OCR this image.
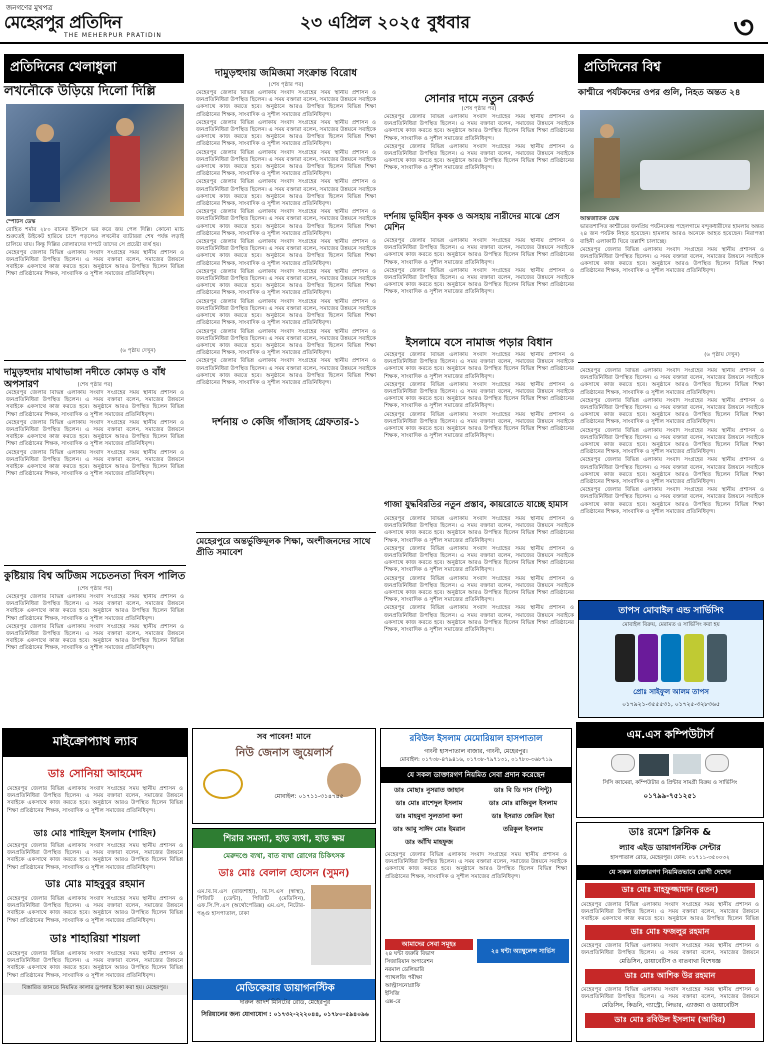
জনগণের মুখপত্র
মেহেরপুর প্রতিদিন
THE MEHERPUR PRATIDIN
২৩ এপ্রিল ২০২৫ বুধবার	৩
প্রতিদিনের খেলাধুলা
লখনৌকে উড়িয়ে দিলো দিল্লি

স্পোর্টস ডেস্ক

রোহিত শর্মার ২৮০ রানের ইনিংসে ভর করে জয় পেল দিল্লি। কোনো ম্যাচ শুরুতেই উইকেট হারিয়ে চাপে পড়লেও লখনৌর ব্যাটাররা শেষ পর্যন্ত লড়াই চালিয়ে যায়। কিন্তু দিল্লির বোলারদের দাপটে তাদের সে প্রচেষ্টা ব্যর্থ হয়।

মেহেরপুর জেলার বিভিন্ন এলাকায় সংবাদ সংগ্রহের সময় স্থানীয় প্রশাসন ও জনপ্রতিনিধিরা উপস্থিত ছিলেন। এ সময় বক্তারা বলেন, সমাজের উন্নয়নে সবাইকে একসাথে কাজ করতে হবে। অনুষ্ঠানে আরও উপস্থিত ছিলেন বিভিন্ন শিক্ষা প্রতিষ্ঠানের শিক্ষক, সাংবাদিক ও সুশীল সমাজের প্রতিনিধিবৃন্দ।

(৬ পৃষ্ঠায় দেখুন)
দামুড়হুদায় মাথাভাঙ্গা নদীতে কোমড় ও বাঁধ অপসারণ	(শেষ পৃষ্ঠার পর)

মেহেরপুর জেলার বিভিন্ন এলাকায় সংবাদ সংগ্রহের সময় স্থানীয় প্রশাসন ও জনপ্রতিনিধিরা উপস্থিত ছিলেন। এ সময় বক্তারা বলেন, সমাজের উন্নয়নে সবাইকে একসাথে কাজ করতে হবে। অনুষ্ঠানে আরও উপস্থিত ছিলেন বিভিন্ন শিক্ষা প্রতিষ্ঠানের শিক্ষক, সাংবাদিক ও সুশীল সমাজের প্রতিনিধিবৃন্দ।

মেহেরপুর জেলার বিভিন্ন এলাকায় সংবাদ সংগ্রহের সময় স্থানীয় প্রশাসন ও জনপ্রতিনিধিরা উপস্থিত ছিলেন। এ সময় বক্তারা বলেন, সমাজের উন্নয়নে সবাইকে একসাথে কাজ করতে হবে। অনুষ্ঠানে আরও উপস্থিত ছিলেন বিভিন্ন শিক্ষা প্রতিষ্ঠানের শিক্ষক, সাংবাদিক ও সুশীল সমাজের প্রতিনিধিবৃন্দ।

মেহেরপুর জেলার বিভিন্ন এলাকায় সংবাদ সংগ্রহের সময় স্থানীয় প্রশাসন ও জনপ্রতিনিধিরা উপস্থিত ছিলেন। এ সময় বক্তারা বলেন, সমাজের উন্নয়নে সবাইকে একসাথে কাজ করতে হবে। অনুষ্ঠানে আরও উপস্থিত ছিলেন বিভিন্ন শিক্ষা প্রতিষ্ঠানের শিক্ষক, সাংবাদিক ও সুশীল সমাজের প্রতিনিধিবৃন্দ।

কুষ্টিয়ায় বিশ্ব অটিজম সচেতনতা দিবস পালিত
(শেষ পৃষ্ঠার পর)

মেহেরপুর জেলার বিভিন্ন এলাকায় সংবাদ সংগ্রহের সময় স্থানীয় প্রশাসন ও জনপ্রতিনিধিরা উপস্থিত ছিলেন। এ সময় বক্তারা বলেন, সমাজের উন্নয়নে সবাইকে একসাথে কাজ করতে হবে। অনুষ্ঠানে আরও উপস্থিত ছিলেন বিভিন্ন শিক্ষা প্রতিষ্ঠানের শিক্ষক, সাংবাদিক ও সুশীল সমাজের প্রতিনিধিবৃন্দ।

মেহেরপুর জেলার বিভিন্ন এলাকায় সংবাদ সংগ্রহের সময় স্থানীয় প্রশাসন ও জনপ্রতিনিধিরা উপস্থিত ছিলেন। এ সময় বক্তারা বলেন, সমাজের উন্নয়নে সবাইকে একসাথে কাজ করতে হবে। অনুষ্ঠানে আরও উপস্থিত ছিলেন বিভিন্ন শিক্ষা প্রতিষ্ঠানের শিক্ষক, সাংবাদিক ও সুশীল সমাজের প্রতিনিধিবৃন্দ।

দামুড়হুদায় জমিজমা সংক্রান্ত বিরোধ
(শেষ পৃষ্ঠার পর)

মেহেরপুর জেলার বিভিন্ন এলাকায় সংবাদ সংগ্রহের সময় স্থানীয় প্রশাসন ও জনপ্রতিনিধিরা উপস্থিত ছিলেন। এ সময় বক্তারা বলেন, সমাজের উন্নয়নে সবাইকে একসাথে কাজ করতে হবে। অনুষ্ঠানে আরও উপস্থিত ছিলেন বিভিন্ন শিক্ষা প্রতিষ্ঠানের শিক্ষক, সাংবাদিক ও সুশীল সমাজের প্রতিনিধিবৃন্দ।

মেহেরপুর জেলার বিভিন্ন এলাকায় সংবাদ সংগ্রহের সময় স্থানীয় প্রশাসন ও জনপ্রতিনিধিরা উপস্থিত ছিলেন। এ সময় বক্তারা বলেন, সমাজের উন্নয়নে সবাইকে একসাথে কাজ করতে হবে। অনুষ্ঠানে আরও উপস্থিত ছিলেন বিভিন্ন শিক্ষা প্রতিষ্ঠানের শিক্ষক, সাংবাদিক ও সুশীল সমাজের প্রতিনিধিবৃন্দ।

মেহেরপুর জেলার বিভিন্ন এলাকায় সংবাদ সংগ্রহের সময় স্থানীয় প্রশাসন ও জনপ্রতিনিধিরা উপস্থিত ছিলেন। এ সময় বক্তারা বলেন, সমাজের উন্নয়নে সবাইকে একসাথে কাজ করতে হবে। অনুষ্ঠানে আরও উপস্থিত ছিলেন বিভিন্ন শিক্ষা প্রতিষ্ঠানের শিক্ষক, সাংবাদিক ও সুশীল সমাজের প্রতিনিধিবৃন্দ।

মেহেরপুর জেলার বিভিন্ন এলাকায় সংবাদ সংগ্রহের সময় স্থানীয় প্রশাসন ও জনপ্রতিনিধিরা উপস্থিত ছিলেন। এ সময় বক্তারা বলেন, সমাজের উন্নয়নে সবাইকে একসাথে কাজ করতে হবে। অনুষ্ঠানে আরও উপস্থিত ছিলেন বিভিন্ন শিক্ষা প্রতিষ্ঠানের শিক্ষক, সাংবাদিক ও সুশীল সমাজের প্রতিনিধিবৃন্দ।

মেহেরপুর জেলার বিভিন্ন এলাকায় সংবাদ সংগ্রহের সময় স্থানীয় প্রশাসন ও জনপ্রতিনিধিরা উপস্থিত ছিলেন। এ সময় বক্তারা বলেন, সমাজের উন্নয়নে সবাইকে একসাথে কাজ করতে হবে। অনুষ্ঠানে আরও উপস্থিত ছিলেন বিভিন্ন শিক্ষা প্রতিষ্ঠানের শিক্ষক, সাংবাদিক ও সুশীল সমাজের প্রতিনিধিবৃন্দ।

মেহেরপুর জেলার বিভিন্ন এলাকায় সংবাদ সংগ্রহের সময় স্থানীয় প্রশাসন ও জনপ্রতিনিধিরা উপস্থিত ছিলেন। এ সময় বক্তারা বলেন, সমাজের উন্নয়নে সবাইকে একসাথে কাজ করতে হবে। অনুষ্ঠানে আরও উপস্থিত ছিলেন বিভিন্ন শিক্ষা প্রতিষ্ঠানের শিক্ষক, সাংবাদিক ও সুশীল সমাজের প্রতিনিধিবৃন্দ।

মেহেরপুর জেলার বিভিন্ন এলাকায় সংবাদ সংগ্রহের সময় স্থানীয় প্রশাসন ও জনপ্রতিনিধিরা উপস্থিত ছিলেন। এ সময় বক্তারা বলেন, সমাজের উন্নয়নে সবাইকে একসাথে কাজ করতে হবে। অনুষ্ঠানে আরও উপস্থিত ছিলেন বিভিন্ন শিক্ষা প্রতিষ্ঠানের শিক্ষক, সাংবাদিক ও সুশীল সমাজের প্রতিনিধিবৃন্দ।

মেহেরপুর জেলার বিভিন্ন এলাকায় সংবাদ সংগ্রহের সময় স্থানীয় প্রশাসন ও জনপ্রতিনিধিরা উপস্থিত ছিলেন। এ সময় বক্তারা বলেন, সমাজের উন্নয়নে সবাইকে একসাথে কাজ করতে হবে। অনুষ্ঠানে আরও উপস্থিত ছিলেন বিভিন্ন শিক্ষা প্রতিষ্ঠানের শিক্ষক, সাংবাদিক ও সুশীল সমাজের প্রতিনিধিবৃন্দ।

মেহেরপুর জেলার বিভিন্ন এলাকায় সংবাদ সংগ্রহের সময় স্থানীয় প্রশাসন ও জনপ্রতিনিধিরা উপস্থিত ছিলেন। এ সময় বক্তারা বলেন, সমাজের উন্নয়নে সবাইকে একসাথে কাজ করতে হবে। অনুষ্ঠানে আরও উপস্থিত ছিলেন বিভিন্ন শিক্ষা প্রতিষ্ঠানের শিক্ষক, সাংবাদিক ও সুশীল সমাজের প্রতিনিধিবৃন্দ।

মেহেরপুর জেলার বিভিন্ন এলাকায় সংবাদ সংগ্রহের সময় স্থানীয় প্রশাসন ও জনপ্রতিনিধিরা উপস্থিত ছিলেন। এ সময় বক্তারা বলেন, সমাজের উন্নয়নে সবাইকে একসাথে কাজ করতে হবে। অনুষ্ঠানে আরও উপস্থিত ছিলেন বিভিন্ন শিক্ষা প্রতিষ্ঠানের শিক্ষক, সাংবাদিক ও সুশীল সমাজের প্রতিনিধিবৃন্দ।

দর্শনায় ৩ কেজি গাঁজাসহ গ্রেফতার-১
মেহেরপুরে অন্তর্ভুক্তিমূলক শিক্ষা, অংশীজনদের সাথে প্রীতি সমাবেশ
সোনার দামে নতুন রেকর্ড
(শেষ পৃষ্ঠার পর)

মেহেরপুর জেলার বিভিন্ন এলাকায় সংবাদ সংগ্রহের সময় স্থানীয় প্রশাসন ও জনপ্রতিনিধিরা উপস্থিত ছিলেন। এ সময় বক্তারা বলেন, সমাজের উন্নয়নে সবাইকে একসাথে কাজ করতে হবে। অনুষ্ঠানে আরও উপস্থিত ছিলেন বিভিন্ন শিক্ষা প্রতিষ্ঠানের শিক্ষক, সাংবাদিক ও সুশীল সমাজের প্রতিনিধিবৃন্দ।

মেহেরপুর জেলার বিভিন্ন এলাকায় সংবাদ সংগ্রহের সময় স্থানীয় প্রশাসন ও জনপ্রতিনিধিরা উপস্থিত ছিলেন। এ সময় বক্তারা বলেন, সমাজের উন্নয়নে সবাইকে একসাথে কাজ করতে হবে। অনুষ্ঠানে আরও উপস্থিত ছিলেন বিভিন্ন শিক্ষা প্রতিষ্ঠানের শিক্ষক, সাংবাদিক ও সুশীল সমাজের প্রতিনিধিবৃন্দ।

দর্শনায় ভূমিহীন কৃষক ও অসহায় নারীদের মাঝে প্রেস মেশিন

মেহেরপুর জেলার বিভিন্ন এলাকায় সংবাদ সংগ্রহের সময় স্থানীয় প্রশাসন ও জনপ্রতিনিধিরা উপস্থিত ছিলেন। এ সময় বক্তারা বলেন, সমাজের উন্নয়নে সবাইকে একসাথে কাজ করতে হবে। অনুষ্ঠানে আরও উপস্থিত ছিলেন বিভিন্ন শিক্ষা প্রতিষ্ঠানের শিক্ষক, সাংবাদিক ও সুশীল সমাজের প্রতিনিধিবৃন্দ।

মেহেরপুর জেলার বিভিন্ন এলাকায় সংবাদ সংগ্রহের সময় স্থানীয় প্রশাসন ও জনপ্রতিনিধিরা উপস্থিত ছিলেন। এ সময় বক্তারা বলেন, সমাজের উন্নয়নে সবাইকে একসাথে কাজ করতে হবে। অনুষ্ঠানে আরও উপস্থিত ছিলেন বিভিন্ন শিক্ষা প্রতিষ্ঠানের শিক্ষক, সাংবাদিক ও সুশীল সমাজের প্রতিনিধিবৃন্দ।

ইসলামে বসে নামাজ পড়ার বিধান

মেহেরপুর জেলার বিভিন্ন এলাকায় সংবাদ সংগ্রহের সময় স্থানীয় প্রশাসন ও জনপ্রতিনিধিরা উপস্থিত ছিলেন। এ সময় বক্তারা বলেন, সমাজের উন্নয়নে সবাইকে একসাথে কাজ করতে হবে। অনুষ্ঠানে আরও উপস্থিত ছিলেন বিভিন্ন শিক্ষা প্রতিষ্ঠানের শিক্ষক, সাংবাদিক ও সুশীল সমাজের প্রতিনিধিবৃন্দ।

মেহেরপুর জেলার বিভিন্ন এলাকায় সংবাদ সংগ্রহের সময় স্থানীয় প্রশাসন ও জনপ্রতিনিধিরা উপস্থিত ছিলেন। এ সময় বক্তারা বলেন, সমাজের উন্নয়নে সবাইকে একসাথে কাজ করতে হবে। অনুষ্ঠানে আরও উপস্থিত ছিলেন বিভিন্ন শিক্ষা প্রতিষ্ঠানের শিক্ষক, সাংবাদিক ও সুশীল সমাজের প্রতিনিধিবৃন্দ।

মেহেরপুর জেলার বিভিন্ন এলাকায় সংবাদ সংগ্রহের সময় স্থানীয় প্রশাসন ও জনপ্রতিনিধিরা উপস্থিত ছিলেন। এ সময় বক্তারা বলেন, সমাজের উন্নয়নে সবাইকে একসাথে কাজ করতে হবে। অনুষ্ঠানে আরও উপস্থিত ছিলেন বিভিন্ন শিক্ষা প্রতিষ্ঠানের শিক্ষক, সাংবাদিক ও সুশীল সমাজের প্রতিনিধিবৃন্দ।

গাজা যুদ্ধবিরতির নতুন প্রস্তাব, কায়রোতে যাচ্ছে হামাস

মেহেরপুর জেলার বিভিন্ন এলাকায় সংবাদ সংগ্রহের সময় স্থানীয় প্রশাসন ও জনপ্রতিনিধিরা উপস্থিত ছিলেন। এ সময় বক্তারা বলেন, সমাজের উন্নয়নে সবাইকে একসাথে কাজ করতে হবে। অনুষ্ঠানে আরও উপস্থিত ছিলেন বিভিন্ন শিক্ষা প্রতিষ্ঠানের শিক্ষক, সাংবাদিক ও সুশীল সমাজের প্রতিনিধিবৃন্দ।

মেহেরপুর জেলার বিভিন্ন এলাকায় সংবাদ সংগ্রহের সময় স্থানীয় প্রশাসন ও জনপ্রতিনিধিরা উপস্থিত ছিলেন। এ সময় বক্তারা বলেন, সমাজের উন্নয়নে সবাইকে একসাথে কাজ করতে হবে। অনুষ্ঠানে আরও উপস্থিত ছিলেন বিভিন্ন শিক্ষা প্রতিষ্ঠানের শিক্ষক, সাংবাদিক ও সুশীল সমাজের প্রতিনিধিবৃন্দ।

মেহেরপুর জেলার বিভিন্ন এলাকায় সংবাদ সংগ্রহের সময় স্থানীয় প্রশাসন ও জনপ্রতিনিধিরা উপস্থিত ছিলেন। এ সময় বক্তারা বলেন, সমাজের উন্নয়নে সবাইকে একসাথে কাজ করতে হবে। অনুষ্ঠানে আরও উপস্থিত ছিলেন বিভিন্ন শিক্ষা প্রতিষ্ঠানের শিক্ষক, সাংবাদিক ও সুশীল সমাজের প্রতিনিধিবৃন্দ।

মেহেরপুর জেলার বিভিন্ন এলাকায় সংবাদ সংগ্রহের সময় স্থানীয় প্রশাসন ও জনপ্রতিনিধিরা উপস্থিত ছিলেন। এ সময় বক্তারা বলেন, সমাজের উন্নয়নে সবাইকে একসাথে কাজ করতে হবে। অনুষ্ঠানে আরও উপস্থিত ছিলেন বিভিন্ন শিক্ষা প্রতিষ্ঠানের শিক্ষক, সাংবাদিক ও সুশীল সমাজের প্রতিনিধিবৃন্দ।

প্রতিদিনের বিশ্ব
কাশ্মীরে পর্যটকদের ওপর গুলি, নিহত অন্তত ২৪

আন্তর্জাতিক ডেস্ক

ভারতশাসিত কাশ্মীরের জনপ্রিয় পর্যটনকেন্দ্র পহেলগামে বন্দুকধারীদের হামলায় অন্তত ২৪ জন পর্যটক নিহত হয়েছেন। হামলায় আরও অনেকে আহত হয়েছেন। নিরাপত্তা বাহিনী এলাকাটি ঘিরে তল্লাশি চালাচ্ছে।

মেহেরপুর জেলার বিভিন্ন এলাকায় সংবাদ সংগ্রহের সময় স্থানীয় প্রশাসন ও জনপ্রতিনিধিরা উপস্থিত ছিলেন। এ সময় বক্তারা বলেন, সমাজের উন্নয়নে সবাইকে একসাথে কাজ করতে হবে। অনুষ্ঠানে আরও উপস্থিত ছিলেন বিভিন্ন শিক্ষা প্রতিষ্ঠানের শিক্ষক, সাংবাদিক ও সুশীল সমাজের প্রতিনিধিবৃন্দ।

(৬ পৃষ্ঠায় দেখুন)

মেহেরপুর জেলার বিভিন্ন এলাকায় সংবাদ সংগ্রহের সময় স্থানীয় প্রশাসন ও জনপ্রতিনিধিরা উপস্থিত ছিলেন। এ সময় বক্তারা বলেন, সমাজের উন্নয়নে সবাইকে একসাথে কাজ করতে হবে। অনুষ্ঠানে আরও উপস্থিত ছিলেন বিভিন্ন শিক্ষা প্রতিষ্ঠানের শিক্ষক, সাংবাদিক ও সুশীল সমাজের প্রতিনিধিবৃন্দ।

মেহেরপুর জেলার বিভিন্ন এলাকায় সংবাদ সংগ্রহের সময় স্থানীয় প্রশাসন ও জনপ্রতিনিধিরা উপস্থিত ছিলেন। এ সময় বক্তারা বলেন, সমাজের উন্নয়নে সবাইকে একসাথে কাজ করতে হবে। অনুষ্ঠানে আরও উপস্থিত ছিলেন বিভিন্ন শিক্ষা প্রতিষ্ঠানের শিক্ষক, সাংবাদিক ও সুশীল সমাজের প্রতিনিধিবৃন্দ।

মেহেরপুর জেলার বিভিন্ন এলাকায় সংবাদ সংগ্রহের সময় স্থানীয় প্রশাসন ও জনপ্রতিনিধিরা উপস্থিত ছিলেন। এ সময় বক্তারা বলেন, সমাজের উন্নয়নে সবাইকে একসাথে কাজ করতে হবে। অনুষ্ঠানে আরও উপস্থিত ছিলেন বিভিন্ন শিক্ষা প্রতিষ্ঠানের শিক্ষক, সাংবাদিক ও সুশীল সমাজের প্রতিনিধিবৃন্দ।

মেহেরপুর জেলার বিভিন্ন এলাকায় সংবাদ সংগ্রহের সময় স্থানীয় প্রশাসন ও জনপ্রতিনিধিরা উপস্থিত ছিলেন। এ সময় বক্তারা বলেন, সমাজের উন্নয়নে সবাইকে একসাথে কাজ করতে হবে। অনুষ্ঠানে আরও উপস্থিত ছিলেন বিভিন্ন শিক্ষা প্রতিষ্ঠানের শিক্ষক, সাংবাদিক ও সুশীল সমাজের প্রতিনিধিবৃন্দ।

মেহেরপুর জেলার বিভিন্ন এলাকায় সংবাদ সংগ্রহের সময় স্থানীয় প্রশাসন ও জনপ্রতিনিধিরা উপস্থিত ছিলেন। এ সময় বক্তারা বলেন, সমাজের উন্নয়নে সবাইকে একসাথে কাজ করতে হবে। অনুষ্ঠানে আরও উপস্থিত ছিলেন বিভিন্ন শিক্ষা প্রতিষ্ঠানের শিক্ষক, সাংবাদিক ও সুশীল সমাজের প্রতিনিধিবৃন্দ।

তাপস মোবাইল এন্ড সার্ভিসিং
মোবাইল বিক্রয়, মেরামত ও সার্ভিসিং করা হয়
প্রোঃ সাইফুল আলম তাপস
০১৭৯২১-৩৫৫৫৩১, ০১৭২৫-৩২৮৩৬৫
মাইক্রোপ্যাথ ল্যাব
ডাঃ সোনিয়া আহমেদ
মেহেরপুর জেলার বিভিন্ন এলাকায় সংবাদ সংগ্রহের সময় স্থানীয় প্রশাসন ও জনপ্রতিনিধিরা উপস্থিত ছিলেন। এ সময় বক্তারা বলেন, সমাজের উন্নয়নে সবাইকে একসাথে কাজ করতে হবে। অনুষ্ঠানে আরও উপস্থিত ছিলেন বিভিন্ন শিক্ষা প্রতিষ্ঠানের শিক্ষক, সাংবাদিক ও সুশীল সমাজের প্রতিনিধিবৃন্দ।
ডাঃ মোঃ শাহিদুল ইসলাম (শাহিদ)
মেহেরপুর জেলার বিভিন্ন এলাকায় সংবাদ সংগ্রহের সময় স্থানীয় প্রশাসন ও জনপ্রতিনিধিরা উপস্থিত ছিলেন। এ সময় বক্তারা বলেন, সমাজের উন্নয়নে সবাইকে একসাথে কাজ করতে হবে। অনুষ্ঠানে আরও উপস্থিত ছিলেন বিভিন্ন শিক্ষা প্রতিষ্ঠানের শিক্ষক, সাংবাদিক ও সুশীল সমাজের প্রতিনিধিবৃন্দ।
ডাঃ মোঃ মাহবুবুর রহমান
মেহেরপুর জেলার বিভিন্ন এলাকায় সংবাদ সংগ্রহের সময় স্থানীয় প্রশাসন ও জনপ্রতিনিধিরা উপস্থিত ছিলেন। এ সময় বক্তারা বলেন, সমাজের উন্নয়নে সবাইকে একসাথে কাজ করতে হবে। অনুষ্ঠানে আরও উপস্থিত ছিলেন বিভিন্ন শিক্ষা প্রতিষ্ঠানের শিক্ষক, সাংবাদিক ও সুশীল সমাজের প্রতিনিধিবৃন্দ।
ডাঃ শাহারিয়া শায়লা
মেহেরপুর জেলার বিভিন্ন এলাকায় সংবাদ সংগ্রহের সময় স্থানীয় প্রশাসন ও জনপ্রতিনিধিরা উপস্থিত ছিলেন। এ সময় বক্তারা বলেন, সমাজের উন্নয়নে সবাইকে একসাথে কাজ করতে হবে। অনুষ্ঠানে আরও উপস্থিত ছিলেন বিভিন্ন শিক্ষা প্রতিষ্ঠানের শিক্ষক, সাংবাদিক ও সুশীল সমাজের প্রতিনিধিবৃন্দ।
বিস্তারিত জানতে নিয়মিত কালার ড্রপলার ইকো করা হয়। মেহেরপুর।
সব পাবেন! মানে
নিউ জেনাস জুয়েলার্স
মোবাইল: ০১৭১১-৩১৪৭৪৫
শিরার সমস্যা, হাড় ব্যথা, হাড় ক্ষয়
মেরুদণ্ডে ব্যথা, বাত ব্যথা রোগের চিকিৎসক
ডাঃ মোঃ বেলাল হোসেন (সুমন)
এম.বি.বি.এস (রাজশাহী), বি.সি.এস (স্বাস্থ্য), পিজিটি (ডেন্টা), পিজিটি (মেডিসিন), এফ.সি.পি.এস (অর্থোপেডিক্স) এম.এস, নিটোর-পঙ্গু হাসপাতাল, ঢাকা
মেডিকেয়ার ডায়াগনস্টিক
দারুল আদর্শ মিনিটের রোড, মেহেরপুর
সিরিয়ালের জন্য যোগাযোগ : ০১৭৩২-২২২০৪৪, ০১৭৮০-৫৯৪০৯৬
রবিউল ইসলাম মেমোরিয়াল হাসপাতাল
গাংনী হাসপাতাল বাজার, গাংনী, মেহেরপুর।
মোবাইল: ০১৭৩৮-৪৭৯৪১৬, ০১৭৩৮-৭৯৭১৩১, ০১৭৮০-৩৬৮৭১৯
যে সকল ডাক্তারগণ নিয়মিত সেবা প্রদান করেছেন
ডাঃ মোছাঃ নুসরাত জাহান	ডাঃ বি ডি দাস (পিন্টু)
ডাঃ মোঃ রাশেদুল ইসলাম	ডাঃ মোঃ রাজিবুল ইসলাম
ডাঃ মাহমুদা সুলতানা কনা	ডাঃ ইসরাত জেরিন ইভা
ডাঃ আবু সাঈদ মোঃ ইমরান	তরিকুল ইসলাম
ডাঃ আঁখি মাহফুজ
মেহেরপুর জেলার বিভিন্ন এলাকায় সংবাদ সংগ্রহের সময় স্থানীয় প্রশাসন ও জনপ্রতিনিধিরা উপস্থিত ছিলেন। এ সময় বক্তারা বলেন, সমাজের উন্নয়নে সবাইকে একসাথে কাজ করতে হবে। অনুষ্ঠানে আরও উপস্থিত ছিলেন বিভিন্ন শিক্ষা প্রতিষ্ঠানের শিক্ষক, সাংবাদিক ও সুশীল সমাজের প্রতিনিধিবৃন্দ।
২৪ ঘন্টা অ্যাম্বুলেন্স সার্ভিস
আমাদের সেবা সমূহঃ
২৪ ঘন্টা জরুরি বিভাগ
সিজারিয়ান অপারেশন
নরমাল ডেলিভারি
প্যাথলজি পরীক্ষা
আল্ট্রাসনোগ্রাফি
ইসিজি
এক্স-রে
এম.এস কম্পিউটার্স
সিসি ক্যামেরা, কম্পিউটার ও প্রিন্টার সামগ্রী বিক্রয় ও সার্ভিসিং
০১৭৯৯-৭৫১২৫১
ডাঃ রমেশ ক্লিনিক &
ল্যাব এইড ডায়াগনস্টিক সেন্টার
হাসপাতাল রোড, মেহেরপুর। ফোন: ০১৭১১-৩৫০০৩২
যে সকল ডাক্তারগণ নিয়মিতভাবে রোগী দেখেন
ডাঃ মোঃ মাহফুজ্জামান (রতন)
মেহেরপুর জেলার বিভিন্ন এলাকায় সংবাদ সংগ্রহের সময় স্থানীয় প্রশাসন ও জনপ্রতিনিধিরা উপস্থিত ছিলেন। এ সময় বক্তারা বলেন, সমাজের উন্নয়নে সবাইকে একসাথে কাজ করতে হবে। অনুষ্ঠানে আরও উপস্থিত ছিলেন বিভিন্ন
ডাঃ মোঃ ফজলুর রহমান
মেহেরপুর জেলার বিভিন্ন এলাকায় সংবাদ সংগ্রহের সময় স্থানীয় প্রশাসন ও জনপ্রতিনিধিরা উপস্থিত ছিলেন। এ সময় বক্তারা বলেন, সমাজের উন্নয়নে
মেডিসিন, ডায়াবেটিস ও বাতব্যথা বিশেষজ্ঞ
ডাঃ মোঃ আশিক উর রহমান
মেহেরপুর জেলার বিভিন্ন এলাকায় সংবাদ সংগ্রহের সময় স্থানীয় প্রশাসন ও জনপ্রতিনিধিরা উপস্থিত ছিলেন। এ সময় বক্তারা বলেন, সমাজের উন্নয়নে
মেডিসিন, কিডনি, গ্যাস্ট্রো, লিভার, এ্যাজমা ও ডায়াবেটিস
ডাঃ মোঃ রবিউল ইসলাম (আবির)
